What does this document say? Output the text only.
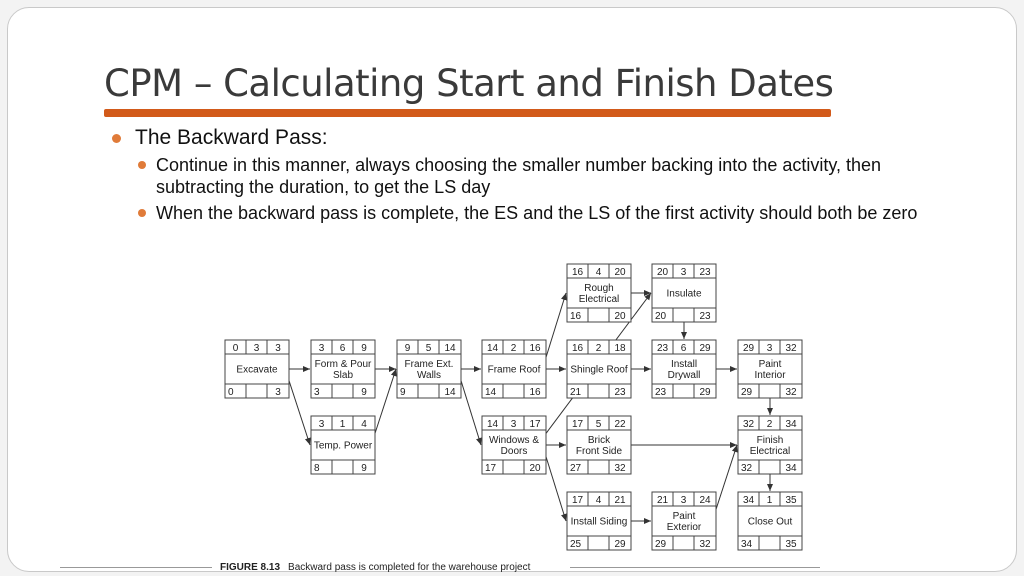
CPM – Calculating Start and Finish Dates
The Backward Pass:
Continue in this manner, always choosing the smaller number backing into the activity, then subtracting the duration, to get the LS day
When the backward pass is complete, the ES and the LS of the first activity should both be zero
0 3 3
0	3
Excavate
3 6 9
3	9
Form & Pour
Slab
3 1 4
8	9
Temp. Power
9 5 14
9	14
Frame Ext.
Walls
14 2 16
14	16
Frame Roof
14 3 17
17	20
Windows &
Doors
16 4 20
16	20
Rough
Electrical
16 2 18
21	23
Shingle Roof
17 5 22
27	32
Brick
Front Side
17 4 21
25	29
Install Siding
20 3 23
20	23
Insulate
23 6 29
23	29
Install
Drywall
21 3 24
29	32
Paint
Exterior
29 3 32
29	32
Paint
Interior
32 2 34
32	34
Finish
Electrical
34 1 35
34	35
Close Out
FIGURE 8.13 Backward pass is completed for the warehouse project
